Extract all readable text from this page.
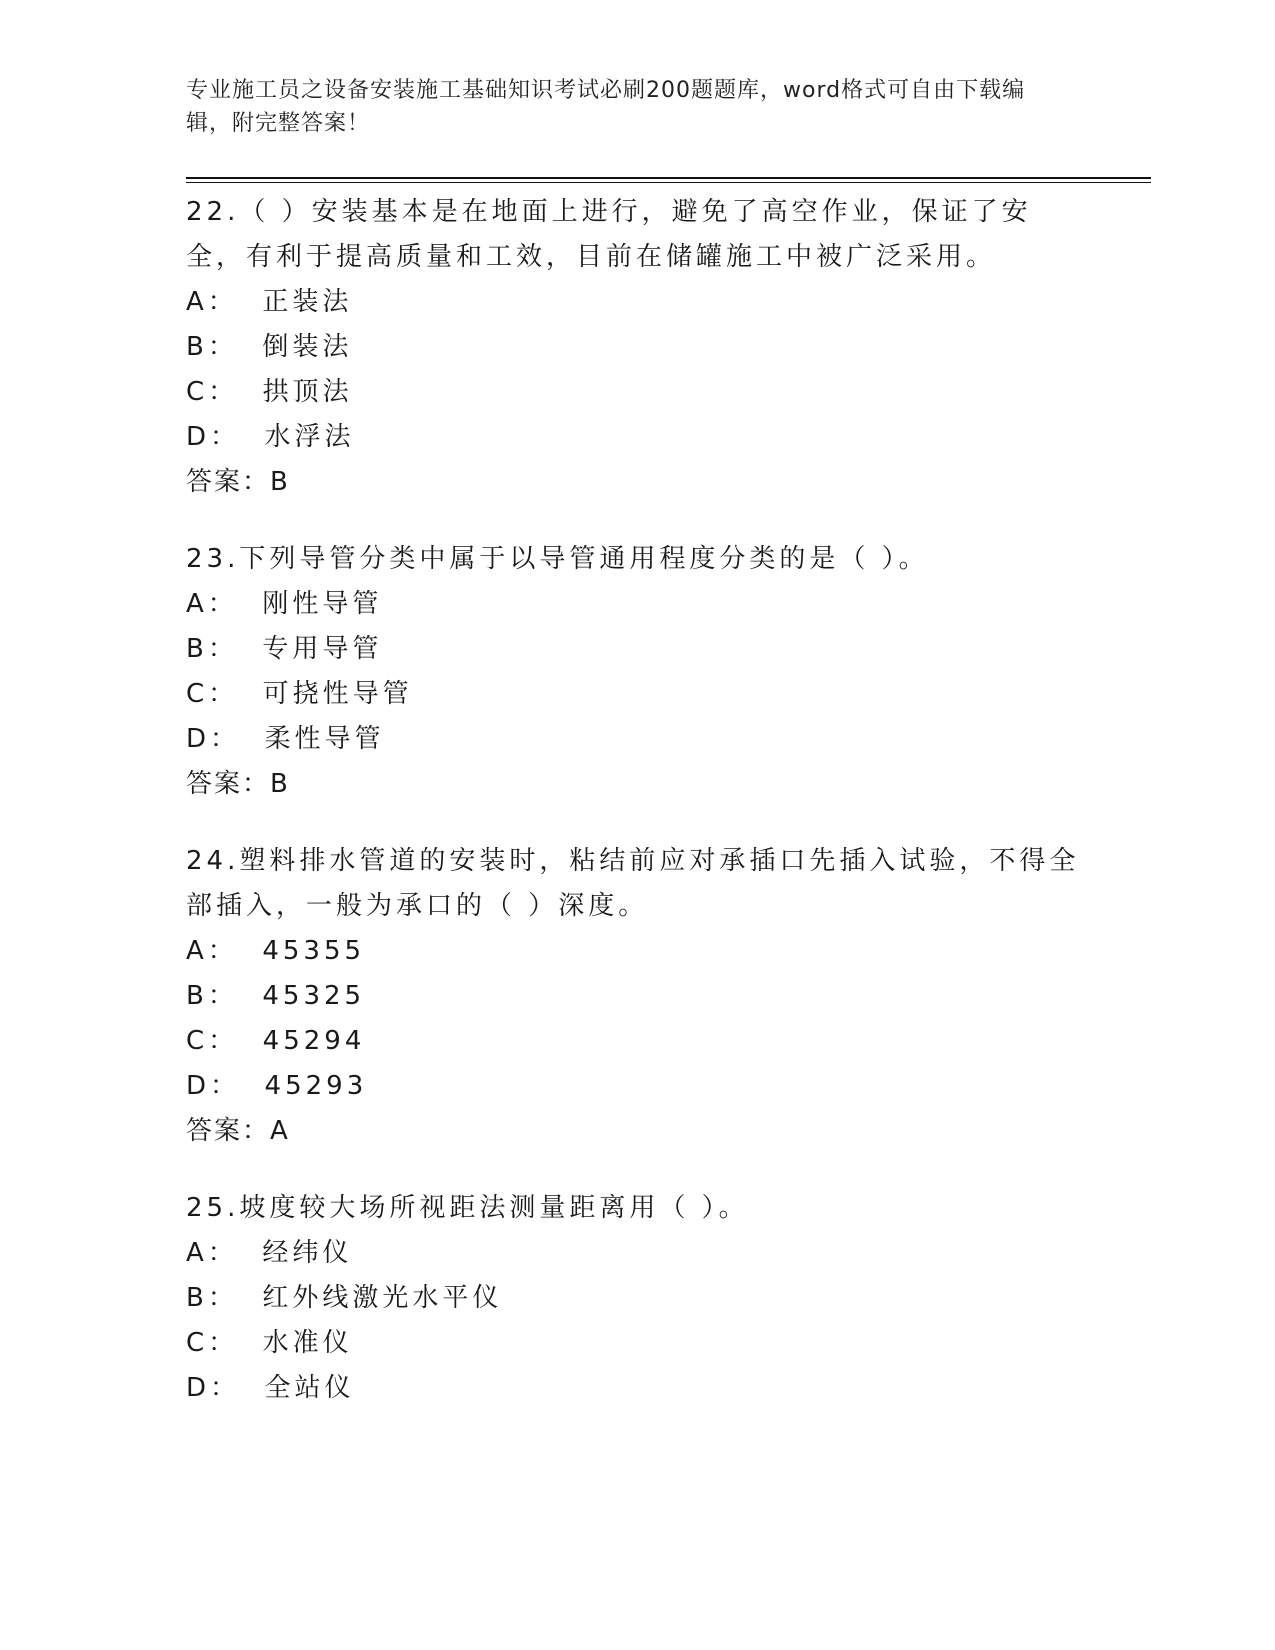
专业施工员之设备安装施工基础知识考试必刷200题题库，word格式可自由下载编辑，附完整答案！

22.（ ）安装基本是在地面上进行，避免了高空作业，保证了安全，有利于提高质量和工效，目前在储罐施工中被广泛采用。

A：  正装法

B：  倒装法

C：  拱顶法

D：  水浮法

答案：B

23.下列导管分类中属于以导管通用程度分类的是（ ）。

A：  刚性导管

B：  专用导管

C：  可挠性导管

D：  柔性导管

答案：B

24.塑料排水管道的安装时，粘结前应对承插口先插入试验，不得全部插入，一般为承口的（ ）深度。

A：  45355

B：  45325

C：  45294

D：  45293

答案：A

25.坡度较大场所视距法测量距离用（ ）。

A：  经纬仪

B：  红外线激光水平仪

C：  水准仪

D：  全站仪
